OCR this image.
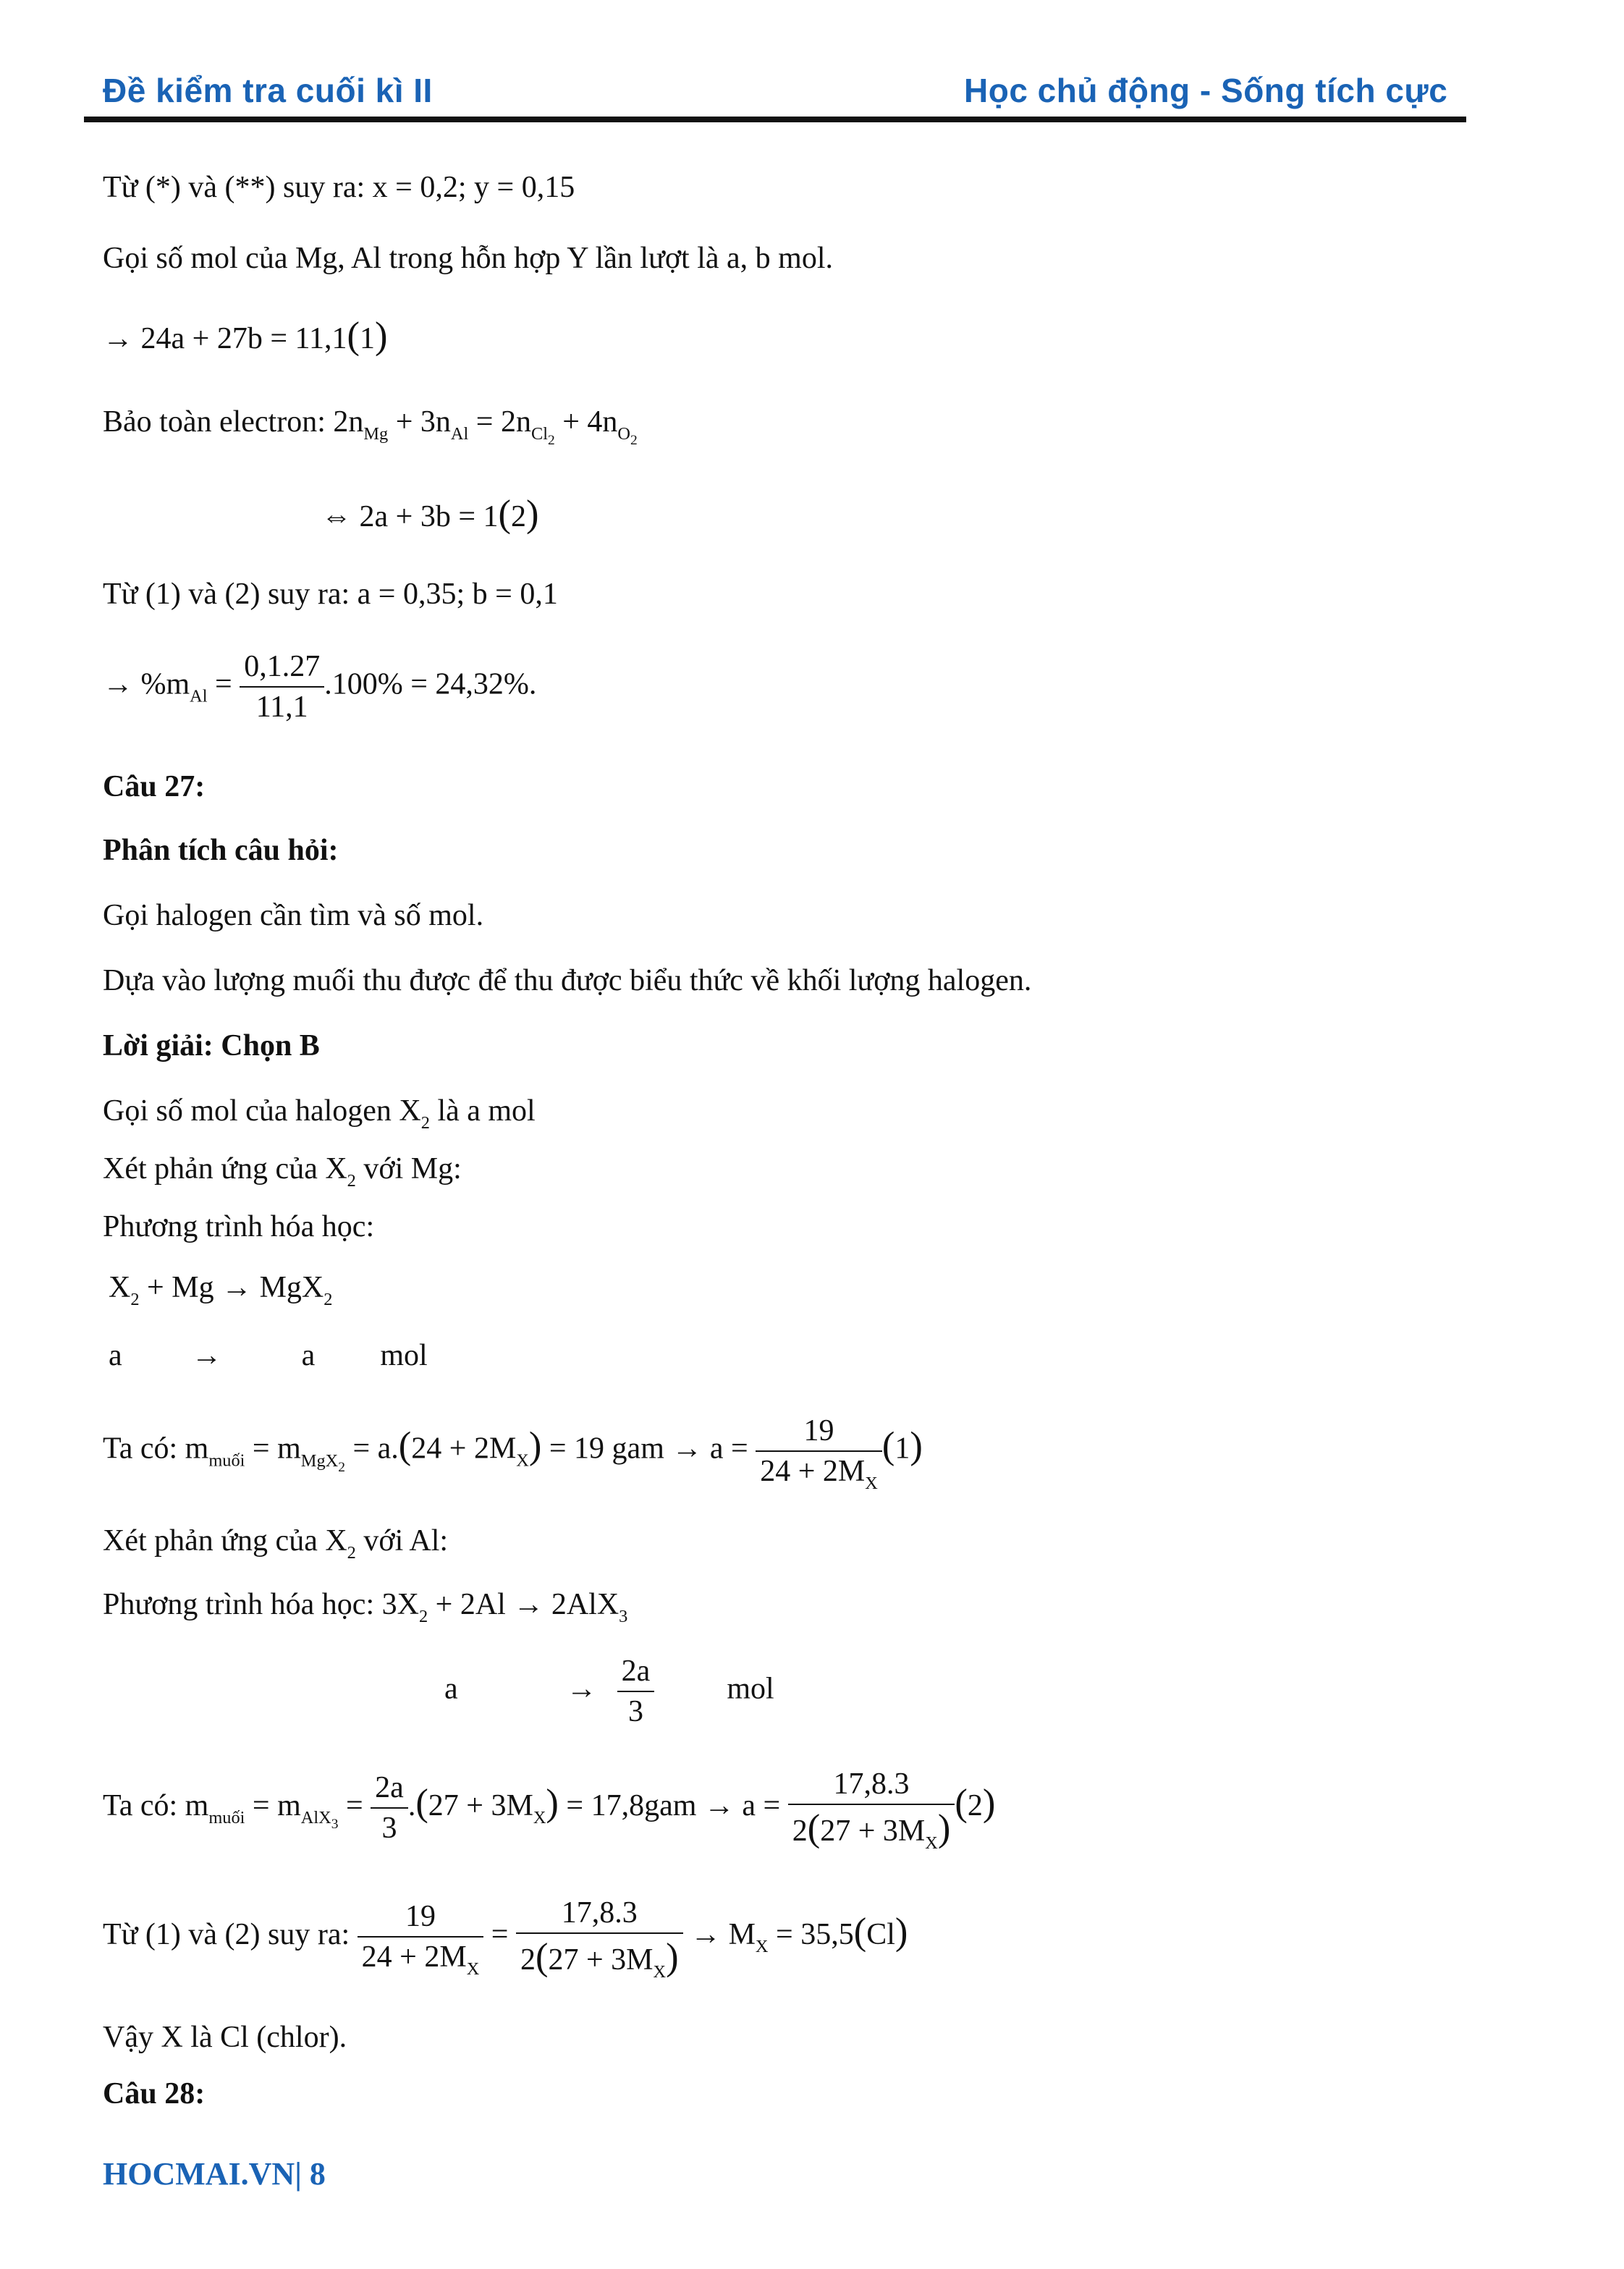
Đề kiểm tra cuối kì II	Học chủ động - Sống tích cực
Từ (*) và (**) suy ra: x = 0,2; y = 0,15
Gọi số mol của Mg, Al trong hỗn hợp Y lần lượt là a, b mol.
→ 24a + 27b = 11,1(1)
Bảo toàn electron: $2n_{Mg} + 3n_{Al} = 2n_{Cl_2} + 4n_{O_2}$
⇔ 2a + 3b = 1(2)
Từ (1) và (2) suy ra: a = 0,35; b = 0,1
→ $\%m_{Al} = \frac{0,1.27}{11,1} .100\% = 24,32\%$.
Câu 27:
Phân tích câu hỏi:
Gọi halogen cần tìm và số mol.
Dựa vào lượng muối thu được để thu được biểu thức về khối lượng halogen.
Lời giải: Chọn B
Gọi số mol của halogen $X_2$ là a mol
Xét phản ứng của $X_2$ với Mg:
Phương trình hóa học:
$X_2 + Mg \to MgX_2$
a →	a mol
Ta có: $m_{muối} = m_{MgX_2} = a.(24 + 2M_X) = 19$ gam → $a = \frac{19}{24 + 2M_X} (1)$
Xét phản ứng của $X_2$ với Al:
Phương trình hóa học: $3X_2 + 2Al \to 2AlX_3$
a	→ $\frac{2a}{3}$ mol
Ta có: $m_{muối} = m_{AlX_3} = \frac{2a}{3} .(27 + 3M_X) = 17,8gam \to a = \frac{17,8.3}{2(27 + 3M_X)} (2)$
Từ (1) và (2) suy ra: $\frac{19}{24 + 2M_X} = \frac{17,8.3}{2(27 + 3M_X)} \to M_X = 35,5(Cl)$
Vậy X là Cl (chlor).
Câu 28:
HOCMAI.VN| 8
